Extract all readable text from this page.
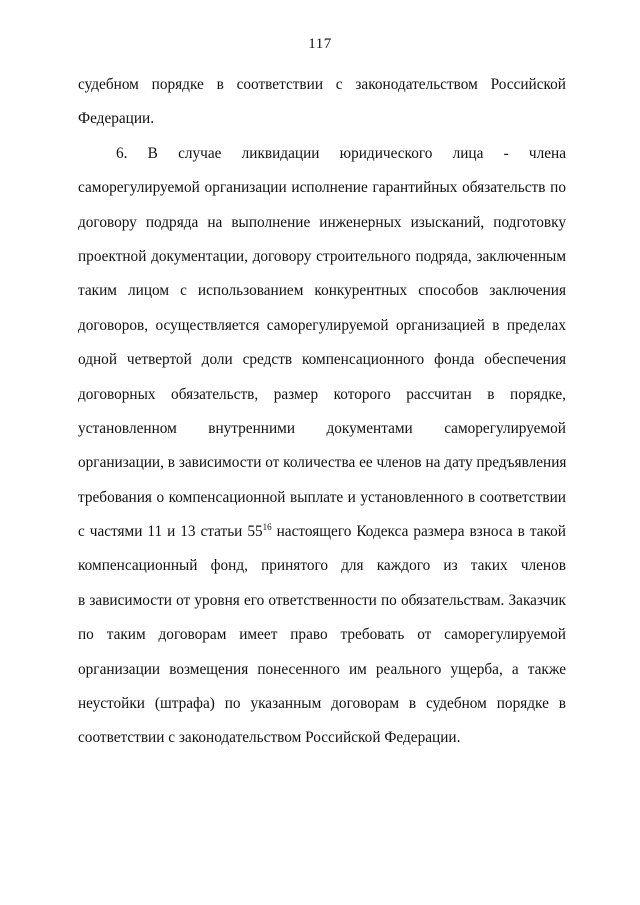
117
судебном порядке в соответствии с законодательством Российской
Федерации.
6. В случае ликвидации юридического лица - члена
саморегулируемой организации исполнение гарантийных обязательств по
договору подряда на выполнение инженерных изысканий, подготовку
проектной документации, договору строительного подряда, заключенным
таким лицом с использованием конкурентных способов заключения
договоров, осуществляется саморегулируемой организацией в пределах
одной четвертой доли средств компенсационного фонда обеспечения
договорных обязательств, размер которого рассчитан в порядке,
установленном внутренними документами саморегулируемой
организации, в зависимости от количества ее членов на дату предъявления
требования о компенсационной выплате и установленного в соответствии
с частями 11 и 13 статьи $55^{16}$ настоящего Кодекса размера взноса в такой
компенсационный фонд, принятого для каждого из таких членов
в зависимости от уровня его ответственности по обязательствам. Заказчик
по таким договорам имеет право требовать от саморегулируемой
организации возмещения понесенного им реального ущерба, а также
неустойки (штрафа) по указанным договорам в судебном порядке в
соответствии с законодательством Российской Федерации.
